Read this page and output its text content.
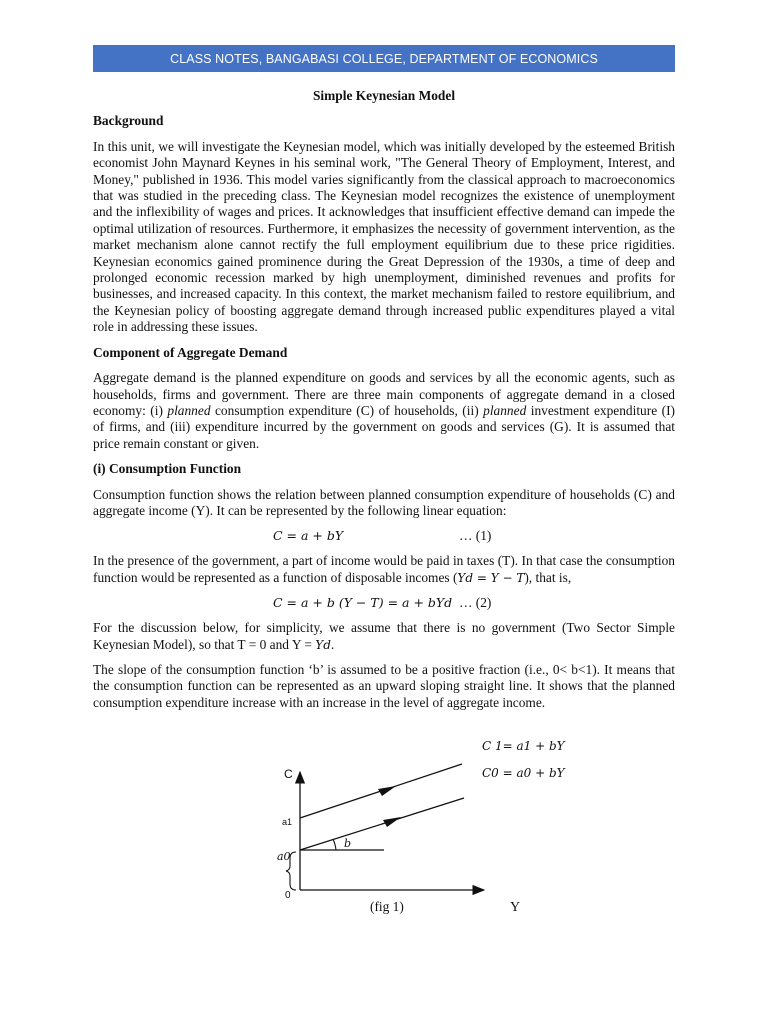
CLASS NOTES, BANGABASI COLLEGE, DEPARTMENT OF ECONOMICS
Simple Keynesian Model
Background

In this unit, we will investigate the Keynesian model, which was initially developed by the esteemed British economist John Maynard Keynes in his seminal work, "The General Theory of Employment, Interest, and Money," published in 1936. This model varies significantly from the classical approach to macroeconomics that was studied in the preceding class. The Keynesian model recognizes the existence of unemployment and the inflexibility of wages and prices. It acknowledges that insufficient effective demand can impede the optimal utilization of resources. Furthermore, it emphasizes the necessity of government intervention, as the market mechanism alone cannot rectify the full employment equilibrium due to these price rigidities. Keynesian economics gained prominence during the Great Depression of the 1930s, a time of deep and prolonged economic recession marked by high unemployment, diminished revenues and profits for businesses, and increased capacity. In this context, the market mechanism failed to restore equilibrium, and the Keynesian policy of boosting aggregate demand through increased public expenditures played a vital role in addressing these issues.

Component of Aggregate Demand

Aggregate demand is the planned expenditure on goods and services by all the economic agents, such as households, firms and government. There are three main components of aggregate demand in a closed economy: (i) planned consumption expenditure (C) of households, (ii) planned investment expenditure (I) of firms, and (iii) expenditure incurred by the government on goods and services (G). It is assumed that price remain constant or given.

(i) Consumption Function

Consumption function shows the relation between planned consumption expenditure of households (C) and aggregate income (Y). It can be represented by the following linear equation:

C = a + bY	… (1)

In the presence of the government, a part of income would be paid in taxes (T). In that case the consumption function would be represented as a function of disposable incomes (Yd = Y − T), that is,

C = a + b (Y − T) = a + bYd … (2)

For the discussion below, for simplicity, we assume that there is no government (Two Sector Simple Keynesian Model), so that T = 0 and Y = Yd.

The slope of the consumption function ‘b’ is assumed to be a positive fraction (i.e., 0< b<1). It means that the consumption function can be represented as an upward sloping straight line. It shows that the planned consumption expenditure increase with an increase in the level of aggregate income.

C
Y
a1
a0
0
b
C 1= a1 + bY
C0 = a0 + bY
(fig 1)
